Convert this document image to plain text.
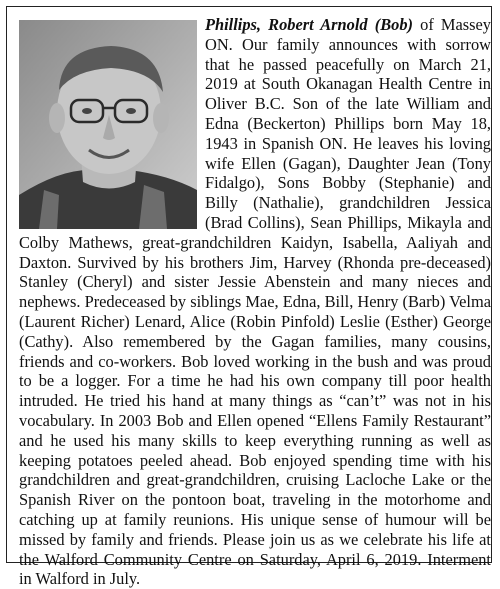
Phillips, Robert Arnold (Bob) of Massey ON. Our family announces with sorrow that he passed peacefully on March 21, 2019 at South Okanagan Health Centre in Oliver B.C. Son of the late William and Edna (Beckerton) Phillips born May 18, 1943 in Spanish ON. He leaves his loving wife Ellen (Gagan), Daughter Jean (Tony Fidalgo), Sons Bobby (Stephanie) and Billy (Nathalie), grandchildren Jessica (Brad Collins), Sean Phillips, Mikayla and Colby Mathews, great-grandchildren Kaidyn, Isabella, Aaliyah and Daxton. Survived by his brothers Jim, Harvey (Rhonda pre-deceased) Stanley (Cheryl) and sister Jessie Abenstein and many nieces and nephews. Predeceased by siblings Mae, Edna, Bill, Henry (Barb) Velma (Laurent Richer) Lenard, Alice (Robin Pinfold) Leslie (Esther) George (Cathy). Also remembered by the Gagan families, many cousins, friends and co-workers. Bob loved working in the bush and was proud to be a logger. For a time he had his own company till poor health intruded. He tried his hand at many things as “can’t” was not in his vocabulary. In 2003 Bob and Ellen opened “Ellens Family Restaurant” and he used his many skills to keep everything running as well as keeping potatoes peeled ahead. Bob enjoyed spending time with his grandchildren and great-grandchildren, cruising Lacloche Lake or the Spanish River on the pontoon boat, traveling in the motorhome and catching up at family reunions. His unique sense of humour will be missed by family and friends. Please join us as we celebrate his life at the Walford Community Centre on Saturday, April 6, 2019. Interment in Walford in July.
